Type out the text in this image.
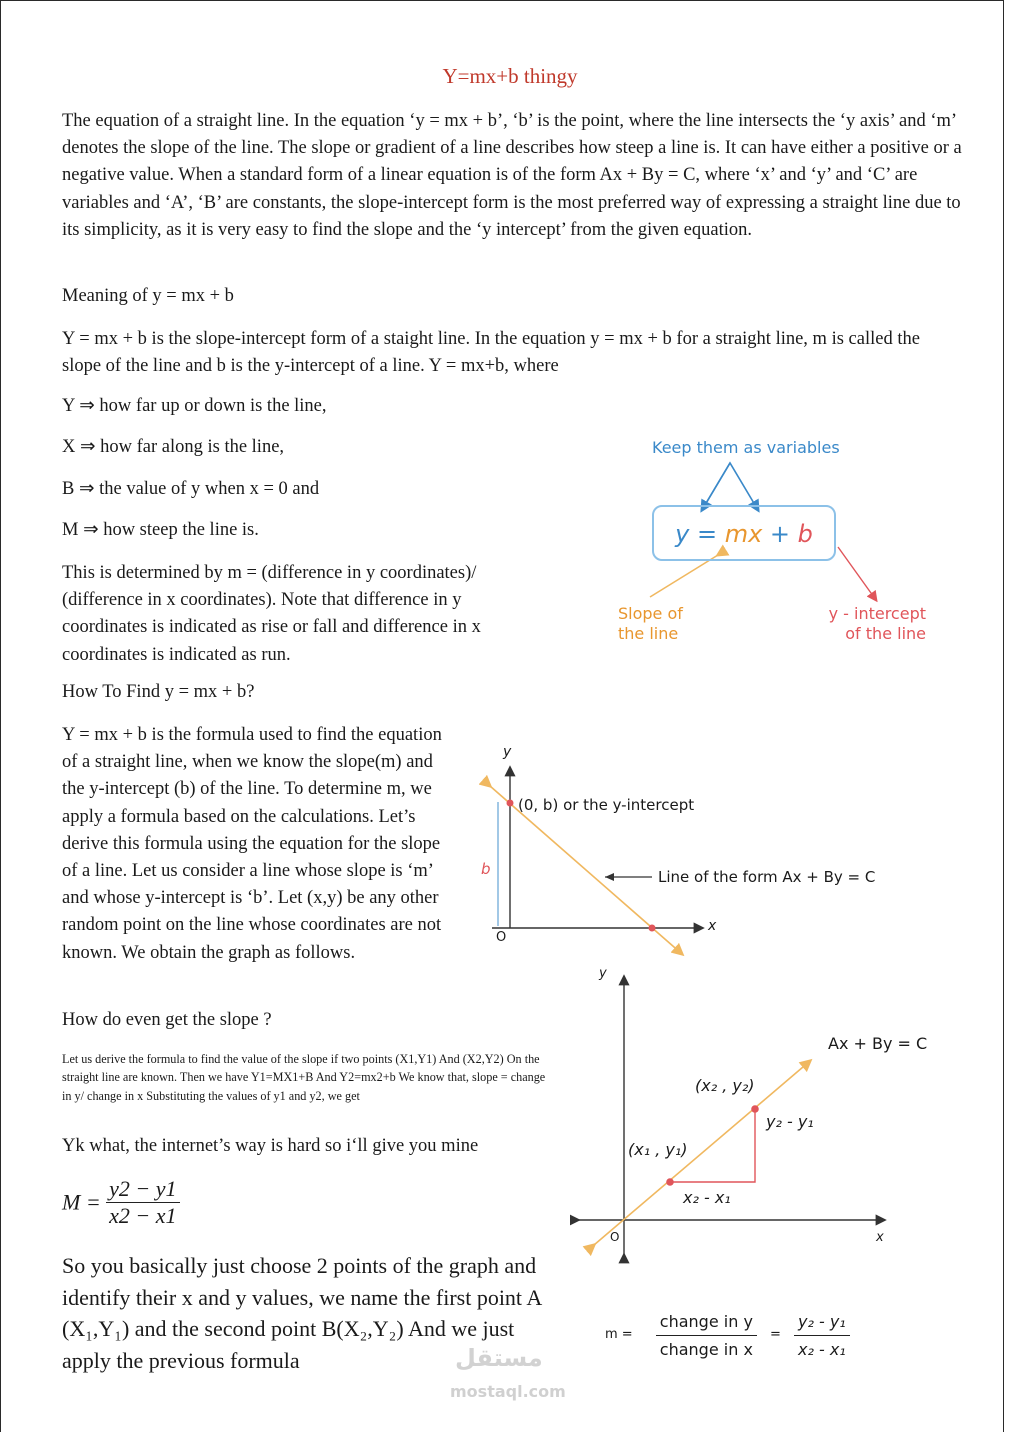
Y=mx+b thingy
The equation of a straight line. In the equation ‘y = mx + b’, ‘b’ is the point, where the line intersects the ‘y axis’ and ‘m’ denotes the slope of the line. The slope or gradient of a line describes how steep a line is. It can have either a positive or a negative value. When a standard form of a linear equation is of the form Ax + By = C, where ‘x’ and ‘y’ and ‘C’ are variables and ‘A’, ‘B’ are constants, the slope-intercept form is the most preferred way of expressing a straight line due to its simplicity, as it is very easy to find the slope and the ‘y intercept’ from the given equation.
Meaning of y = mx + b
Y = mx + b is the slope-intercept form of a staight line. In the equation y = mx + b for a straight line, m is called the slope of the line and b is the y-intercept of a line. Y = mx+b, where
Y ⇒ how far up or down is the line,
X ⇒ how far along is the line,
B ⇒ the value of y when x = 0 and
M ⇒ how steep the line is.
This is determined by m = (difference in y coordinates)/ (difference in x coordinates). Note that difference in y coordinates is indicated as rise or fall and difference in x coordinates is indicated as run.
How To Find y = mx + b?
Y = mx + b is the formula used to find the equation of a straight line, when we know the slope(m) and the y-intercept (b) of the line. To determine m, we apply a formula based on the calculations. Let’s derive this formula using the equation for the slope of a line. Let us consider a line whose slope is ‘m’ and whose y-intercept is ‘b’. Let (x,y) be any other random point on the line whose coordinates are not known. We obtain the graph as follows.
How do even get the slope ?
Let us derive the formula to find the value of the slope if two points (X1,Y1) And (X2,Y2) On the straight line are known. Then we have Y1=MX1+B And Y2=mx2+b We know that, slope = change in y/ change in x Substituting the values of y1 and y2, we get
Yk what, the internet’s way is hard so i‘ll give you mine
$M = \frac{y2 - y1}{x2 - x1}$
So you basically just choose 2 points of the graph and identify their x and y values, we name the first point A (X₁,Y₁) and the second point B(X₂,Y₂) And we just apply the previous formula
Keep them as variables
y = mx + b
Slope of
the line
y - intercept
of the line
y
x
O
b
(0, b) or the y-intercept
Line of the form Ax + By = C
y
x
O
Ax + By = C
(x₂ , y₂)
(x₁ , y₁)
y₂ - y₁
x₂ - x₁
$m = \frac{\text{change in y}}{\text{change in x}} = \frac{\text{y₂ - y₁}}{\text{x₂ - x₁}}$
مستقل
mostaql.com
